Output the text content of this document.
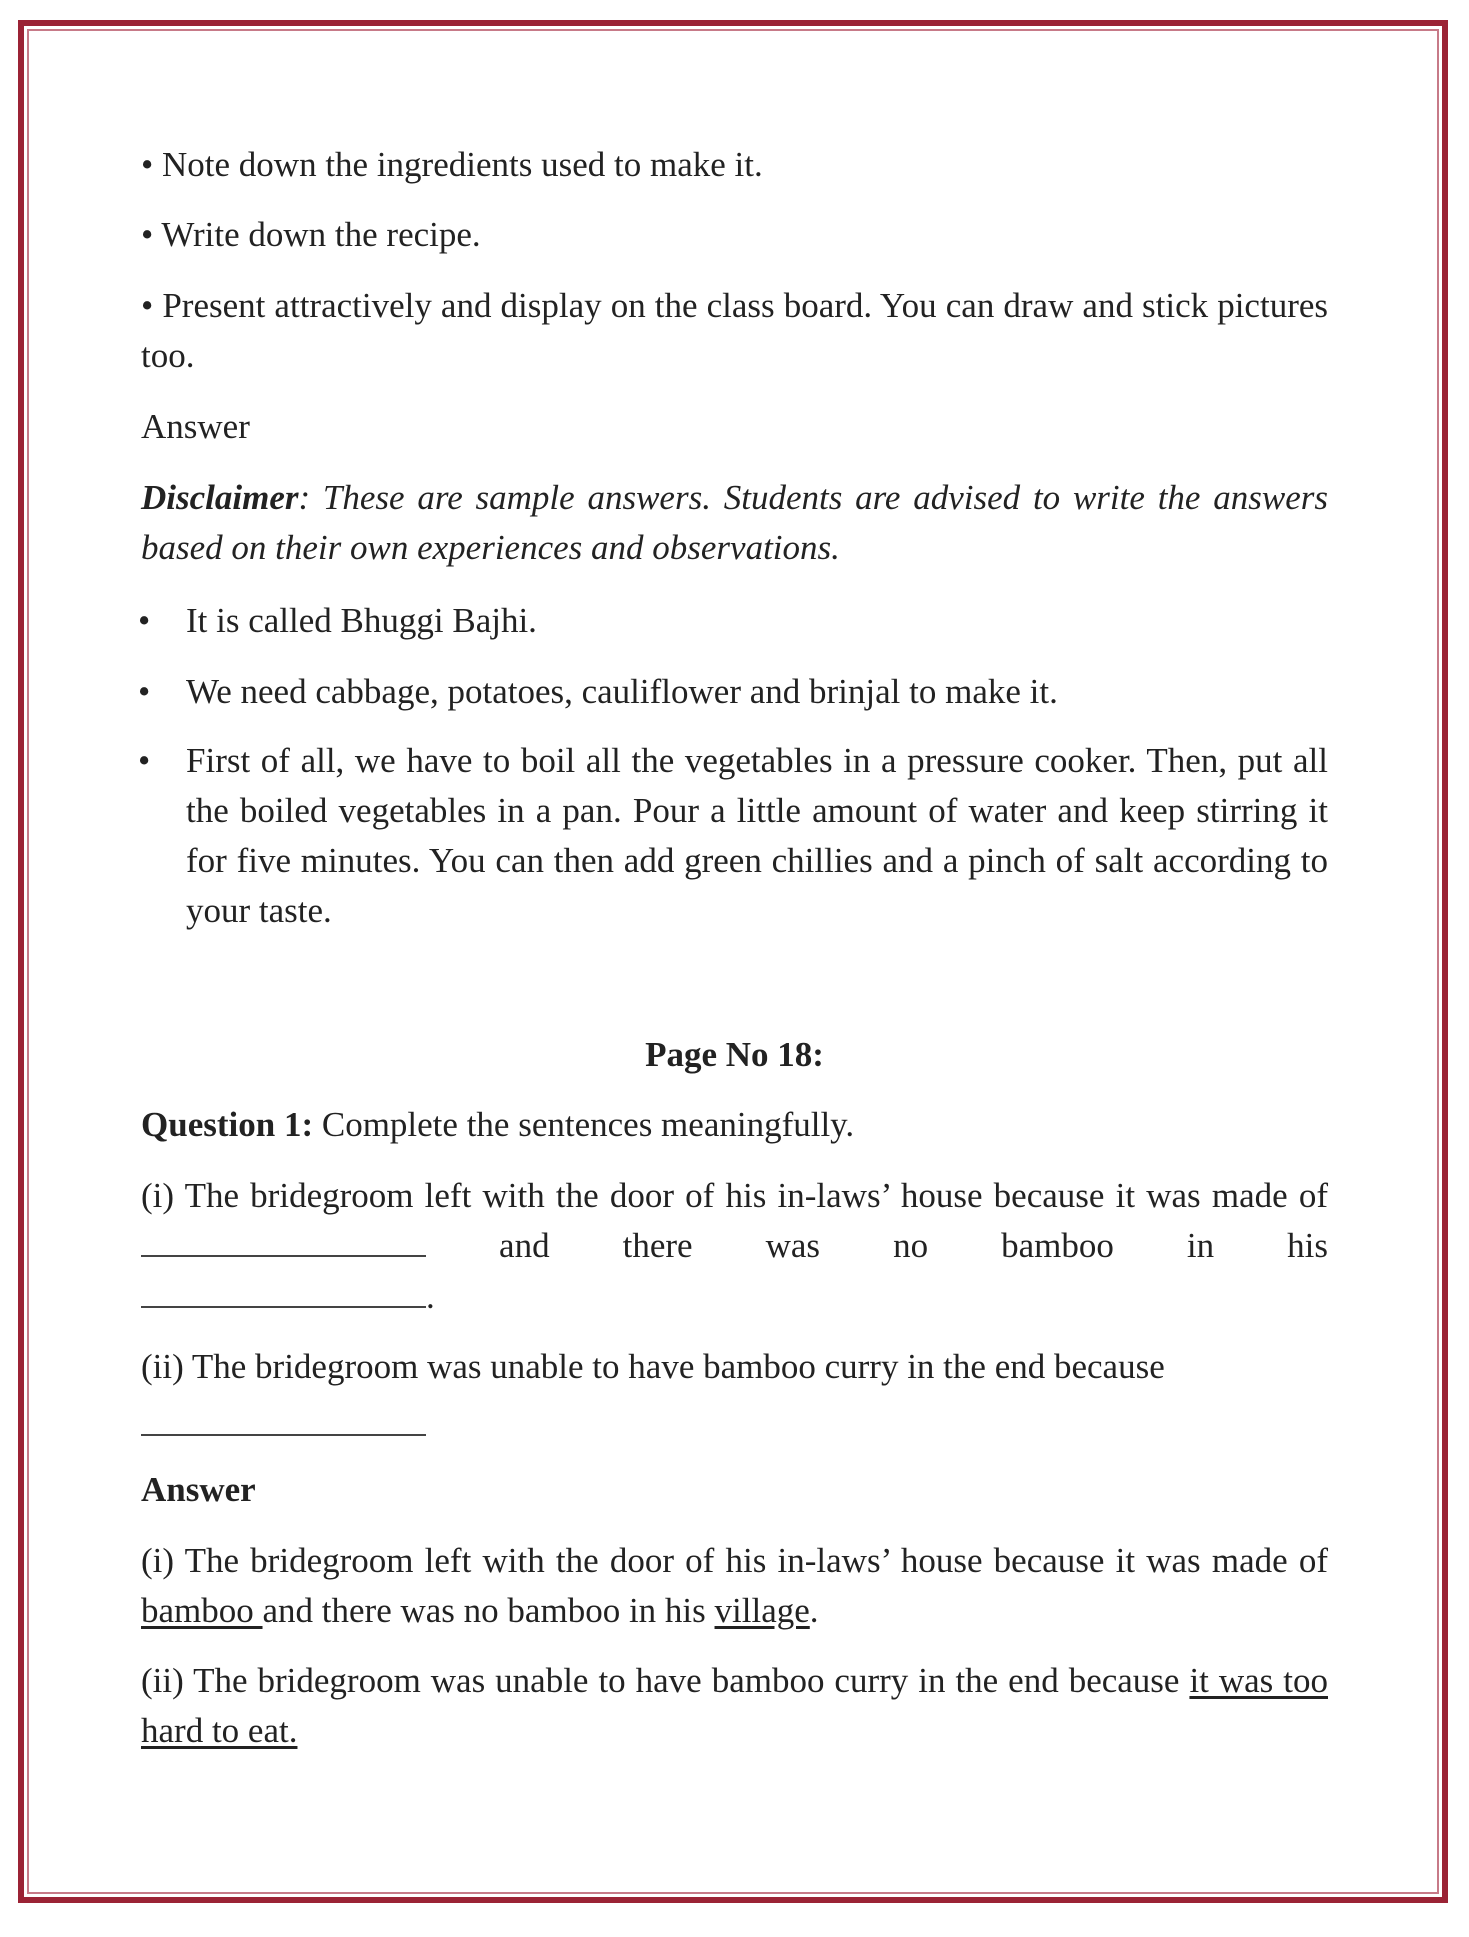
• Note down the ingredients used to make it.
• Write down the recipe.
• Present attractively and display on the class board. You can draw and stick pictures too.
Answer
Disclaimer: These are sample answers. Students are advised to write the answers based on their own experiences and observations.
• It is called Bhuggi Bajhi.
• We need cabbage, potatoes, cauliflower and brinjal to make it.
• First of all, we have to boil all the vegetables in a pressure cooker. Then, put all the boiled vegetables in a pan. Pour a little amount of water and keep stirring it for five minutes. You can then add green chillies and a pinch of salt according to your taste.
Page No 18:
Question 1: Complete the sentences meaningfully.
(i) The bridegroom left with the door of his in-laws’ house because it was made of  and there was no bamboo in his
.
(ii) The bridegroom was unable to have bamboo curry in the end because
Answer
(i) The bridegroom left with the door of his in-laws’ house because it was made of bamboo and there was no bamboo in his village.
(ii) The bridegroom was unable to have bamboo curry in the end because it was too hard to eat.
